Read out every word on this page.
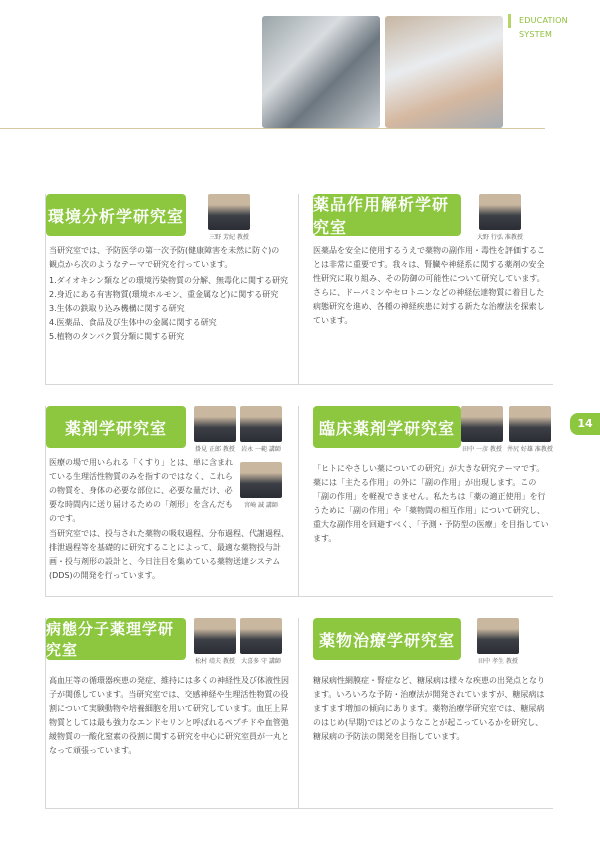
EDUCATION SYSTEM
14
環境分析学研究室
三野 芳紀 教授

当研究室では、予防医学の第一次予防(健康障害を未然に防ぐ)の観点から次のようなテーマで研究を行っています。

1.ダイオキシン類などの環境汚染物質の分解、無毒化に関する研究
2.身近にある有害物質(環境ホルモン、重金属など)に関する研究
3.生体の鉄取り込み機構に関する研究
4.医薬品、食品及び生体中の金属に関する研究
5.植物のタンパク質分類に関する研究
薬品作用解析学研究室
大野 行弘 准教授

医薬品を安全に使用するうえで薬物の副作用・毒性を評価することは非常に重要です。我々は、腎臓や神経系に関する薬剤の安全性研究に取り組み、その防御の可能性について研究しています。さらに、ドーパミンやセロトニンなどの神経伝達物質に着目した病態研究を進め、各種の神経疾患に対する新たな治療法を探索しています。

薬剤学研究室
掛見 正郎 教授 岩永 一範 講師
宮崎 誠 講師

医療の場で用いられる「くすり」とは、単に含まれている生理活性物質のみを指すのではなく、これらの物質を、身体の必要な部位に、必要な量だけ、必要な時間内に送り届けるための「剤形」を含んだものです。

当研究室では、投与された薬物の吸収過程、分布過程、代謝過程、排泄過程等を基礎的に研究することによって、最適な薬物投与計画・投与剤形の設計と、今日注目を集めている薬物送達システム(DDS)の開発を行っています。

臨床薬剤学研究室
田中 一彦 教授 井尻 好雄 准教授

「ヒトにやさしい薬についての研究」が大きな研究テーマです。薬には「主たる作用」の外に「副の作用」が出現します。この「副の作用」を軽視できません。私たちは「薬の適正使用」を行うために「副の作用」や「薬物間の相互作用」について研究し、重大な副作用を回避すべく、「予測・予防型の医療」を目指しています。

病態分子薬理学研究室
松村 靖夫 教授 大喜多 守 講師

高血圧等の循環器疾患の発症、維持には多くの神経性及び体液性因子が関係しています。当研究室では、交感神経や生理活性物質の役割について実験動物や培養細胞を用いて研究しています。血圧上昇物質としては最も強力なエンドセリンと呼ばれるペプチドや血管弛緩物質の一酸化窒素の役割に関する研究を中心に研究室員が一丸となって頑張っています。

薬物治療学研究室
田中 孝生 教授

糖尿病性網膜症・腎症など、糖尿病は様々な疾患の出発点となります。いろいろな予防・治療法が開発されていますが、糖尿病はますます増加の傾向にあります。薬物治療学研究室では、糖尿病のはじめ(早期)ではどのようなことが起こっているかを研究し、糖尿病の予防法の開発を目指しています。
